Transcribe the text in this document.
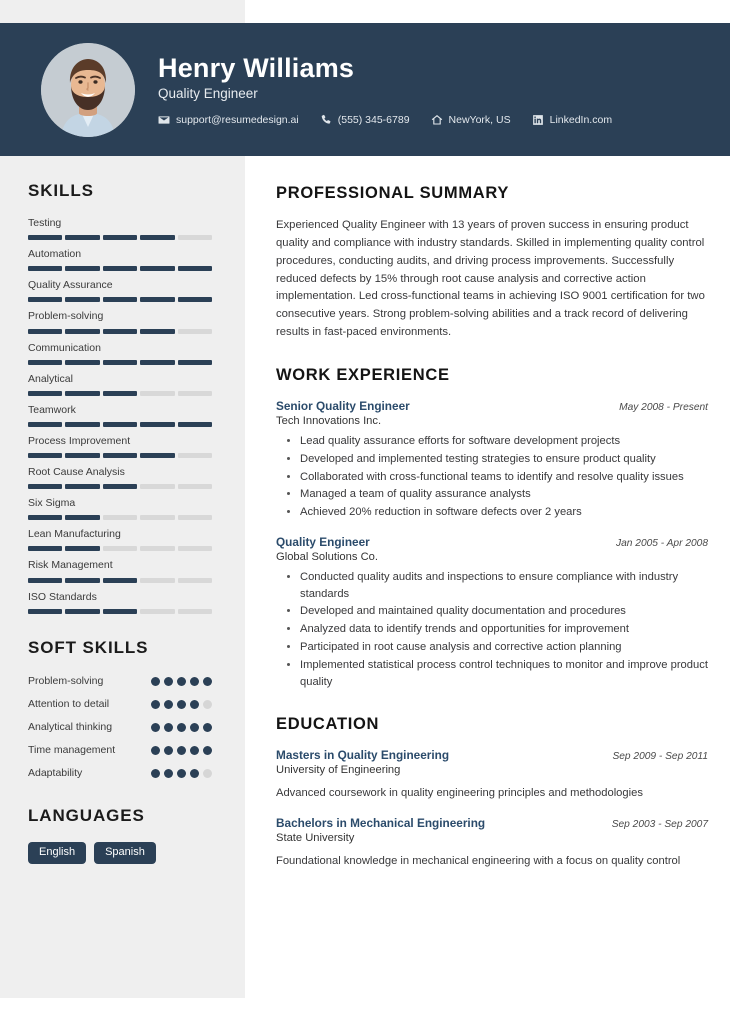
Henry Williams
Quality Engineer
support@resumedesign.ai	(555) 345-6789	NewYork, US	LinkedIn.com
SKILLS
Testing
Automation
Quality Assurance
Problem-solving
Communication
Analytical
Teamwork
Process Improvement
Root Cause Analysis
Six Sigma
Lean Manufacturing
Risk Management
ISO Standards
SOFT SKILLS
Problem-solving
Attention to detail
Analytical thinking
Time management
Adaptability
LANGUAGES
English	Spanish
PROFESSIONAL SUMMARY
Experienced Quality Engineer with 13 years of proven success in ensuring product quality and compliance with industry standards. Skilled in implementing quality control procedures, conducting audits, and driving process improvements. Successfully reduced defects by 15% through root cause analysis and corrective action implementation. Led cross-functional teams in achieving ISO 9001 certification for two consecutive years. Strong problem-solving abilities and a track record of delivering results in fast-paced environments.
WORK EXPERIENCE
Senior Quality Engineer	May 2008 - Present
Tech Innovations Inc.
• Lead quality assurance efforts for software development projects
• Developed and implemented testing strategies to ensure product quality
• Collaborated with cross-functional teams to identify and resolve quality issues
• Managed a team of quality assurance analysts
• Achieved 20% reduction in software defects over 2 years
Quality Engineer	Jan 2005 - Apr 2008
Global Solutions Co.
• Conducted quality audits and inspections to ensure compliance with industry standards
• Developed and maintained quality documentation and procedures
• Analyzed data to identify trends and opportunities for improvement
• Participated in root cause analysis and corrective action planning
• Implemented statistical process control techniques to monitor and improve product quality
EDUCATION
Masters in Quality Engineering	Sep 2009 - Sep 2011
University of Engineering
Advanced coursework in quality engineering principles and methodologies
Bachelors in Mechanical Engineering	Sep 2003 - Sep 2007
State University
Foundational knowledge in mechanical engineering with a focus on quality control
